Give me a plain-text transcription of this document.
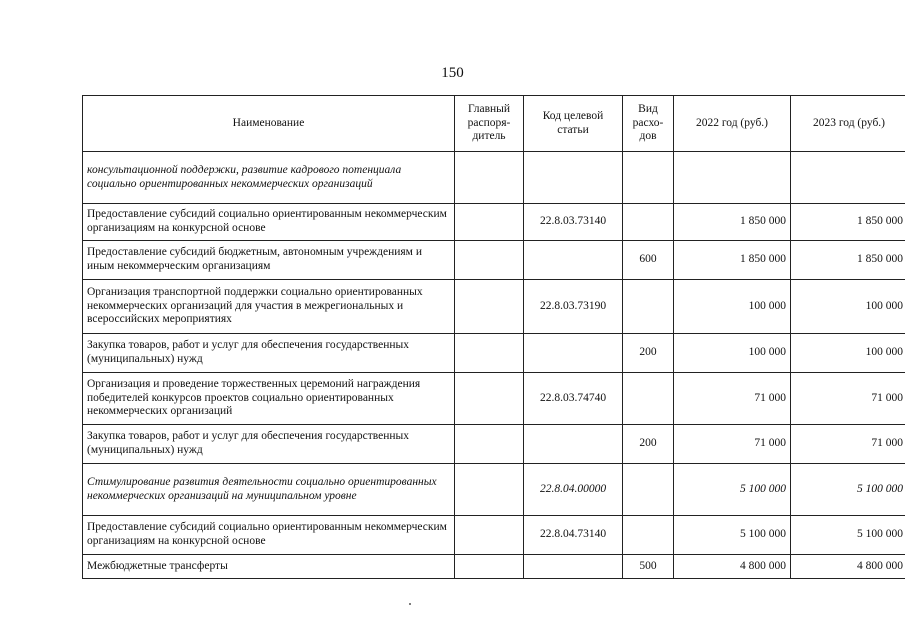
150
Наименование	Главный распоря-дитель	Код целевой статьи	Вид расхо-дов	2022 год (руб.)	2023 год (руб.)
консультационной поддержки, развитие кадрового потенциала социально ориентированных некоммерческих организаций					
Предоставление субсидий социально ориентированным некоммерческим организациям на конкурсной основе		22.8.03.73140		1 850 000	1 850 000
Предоставление субсидий бюджетным, автономным учреждениям и иным некоммерческим организациям			600	1 850 000	1 850 000
Организация транспортной поддержки социально ориентированных некоммерческих организаций для участия в межрегиональных и всероссийских мероприятиях		22.8.03.73190		100 000	100 000
Закупка товаров, работ и услуг для обеспечения государственных (муниципальных) нужд			200	100 000	100 000
Организация и проведение торжественных церемоний награждения победителей конкурсов проектов социально ориентированных некоммерческих организаций		22.8.03.74740		71 000	71 000
Закупка товаров, работ и услуг для обеспечения государственных (муниципальных) нужд			200	71 000	71 000
Стимулирование развития деятельности социально ориентированных некоммерческих организаций на муниципальном уровне		22.8.04.00000		5 100 000	5 100 000
Предоставление субсидий социально ориентированным некоммерческим организациям на конкурсной основе		22.8.04.73140		5 100 000	5 100 000
Межбюджетные трансферты			500	4 800 000	4 800 000
